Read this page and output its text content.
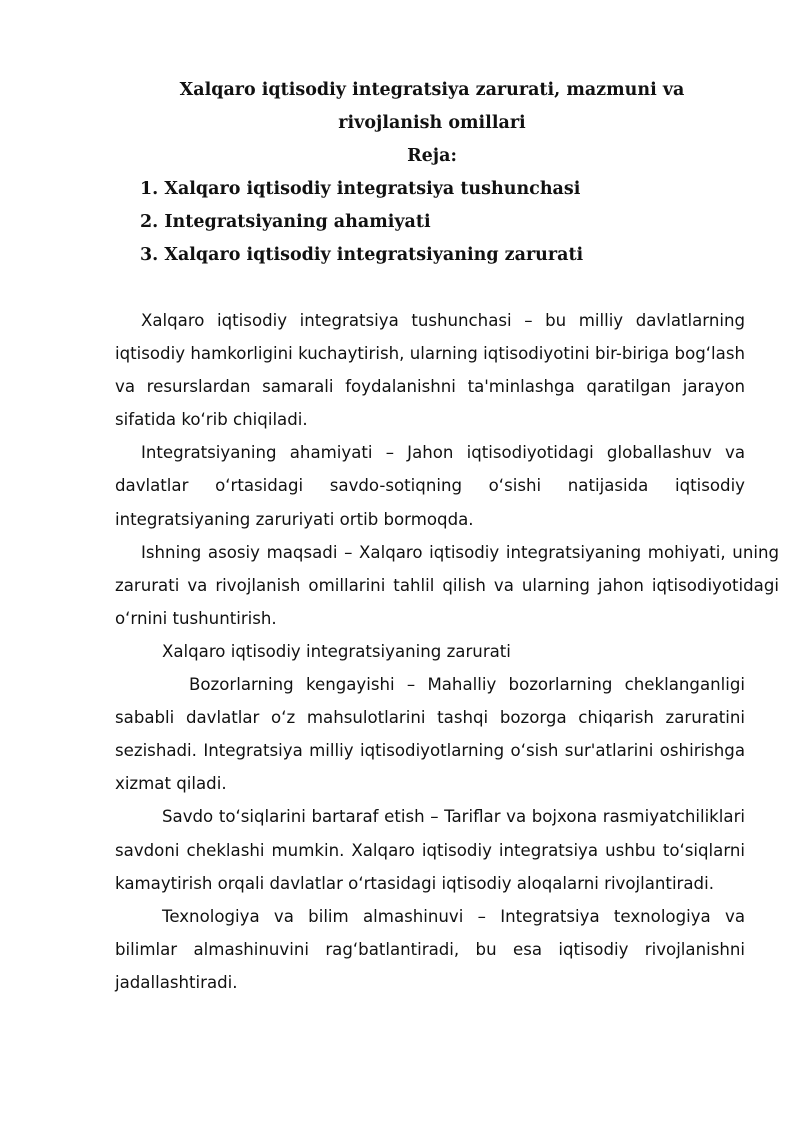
Xalqaro iqtisodiy integratsiya zarurati, mazmuni va
rivojlanish omillari
Reja:
1. Xalqaro iqtisodiy integratsiya tushunchasi
2. Integratsiyaning ahamiyati
3. Xalqaro iqtisodiy integratsiyaning zarurati

Xalqaro iqtisodiy integratsiya tushunchasi – bu milliy davlatlarning iqtisodiy hamkorligini kuchaytirish, ularning iqtisodiyotini bir-biriga bog‘lash va resurslardan samarali foydalanishni ta'minlashga qaratilgan jarayon sifatida ko‘rib chiqiladi.

Integratsiyaning ahamiyati – Jahon iqtisodiyotidagi globallashuv va davlatlar o‘rtasidagi savdo-sotiqning o‘sishi natijasida iqtisodiy integratsiyaning zaruriyati ortib bormoqda.

Ishning asosiy maqsadi – Xalqaro iqtisodiy integratsiyaning mohiyati, uning zarurati va rivojlanish omillarini tahlil qilish va ularning jahon iqtisodiyotidagi o‘rnini tushuntirish.

Xalqaro iqtisodiy integratsiyaning zarurati

Bozorlarning kengayishi – Mahalliy bozorlarning cheklanganligi sababli davlatlar o‘z mahsulotlarini tashqi bozorga chiqarish zaruratini sezishadi. Integratsiya milliy iqtisodiyotlarning o‘sish sur'atlarini oshirishga xizmat qiladi.

Savdo to‘siqlarini bartaraf etish – Tariflar va bojxona rasmiyatchiliklari savdoni cheklashi mumkin. Xalqaro iqtisodiy integratsiya ushbu to‘siqlarni kamaytirish orqali davlatlar o‘rtasidagi iqtisodiy aloqalarni rivojlantiradi.

Texnologiya va bilim almashinuvi – Integratsiya texnologiya va bilimlar almashinuvini rag‘batlantiradi, bu esa iqtisodiy rivojlanishni jadallashtiradi.
